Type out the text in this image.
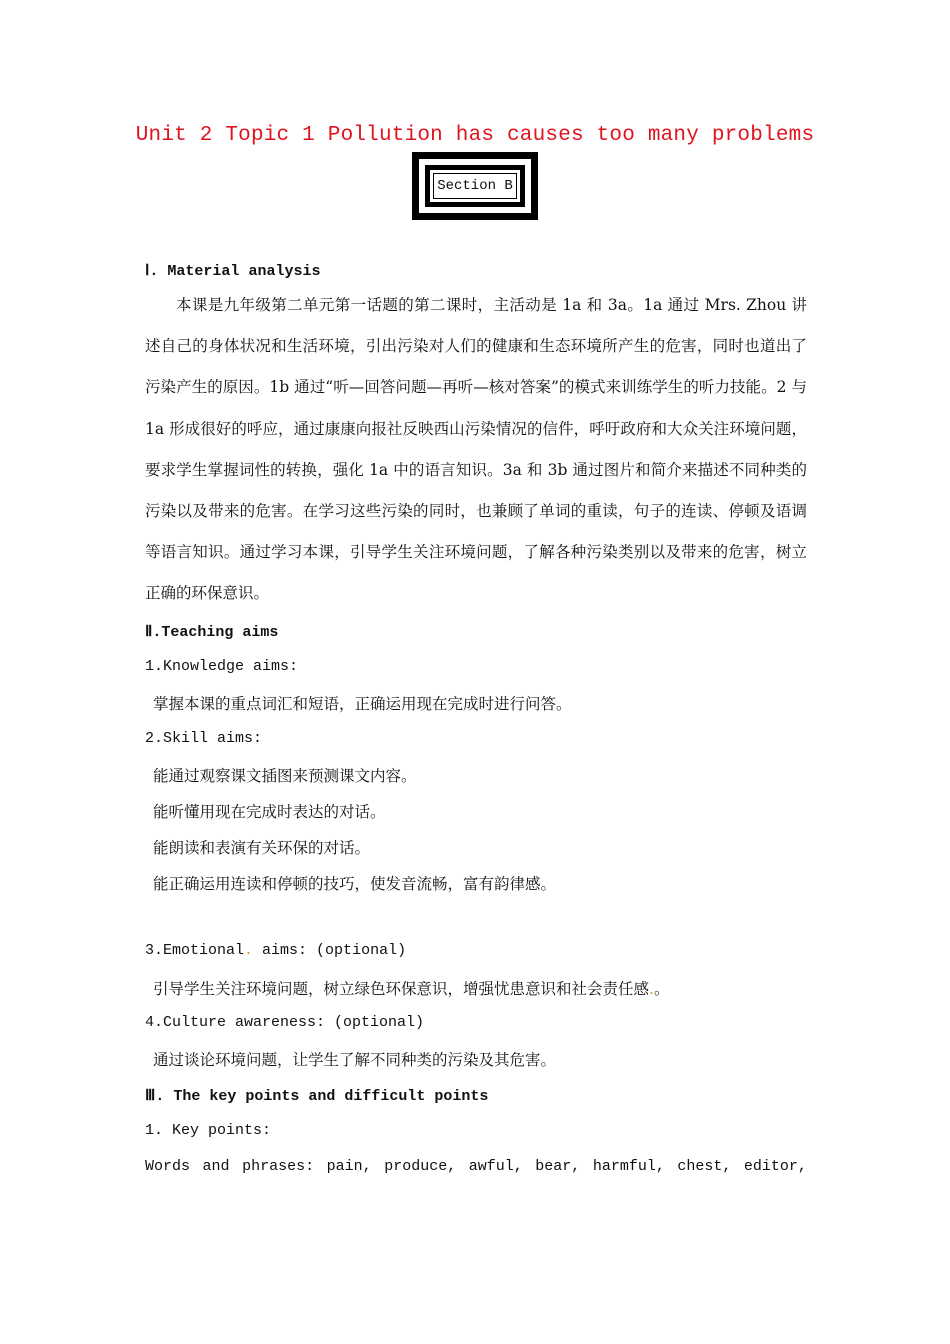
Unit 2 Topic 1 Pollution has causes too many problems
Section B
Ⅰ. Material analysis
本课是九年级第二单元第一话题的第二课时，主活动是 1a 和 3a。1a 通过 Mrs. Zhou 讲述自己的身体状况和生活环境，引出污染对人们的健康和生态环境所产生的危害，同时也道出了污染产生的原因。1b 通过“听—回答问题—再听—核对答案”的模式来训练学生的听力技能。2 与 1a 形成很好的呼应，通过康康向报社反映西山污染情况的信件，呼吁政府和大众关注环境问题，要求学生掌握词性的转换，强化 1a 中的语言知识。3a 和 3b 通过图片和简介来描述不同种类的污染以及带来的危害。在学习这些污染的同时，也兼顾了单词的重读，句子的连读、停顿及语调等语言知识。通过学习本课，引导学生关注环境问题，了解各种污染类别以及带来的危害，树立正确的环保意识。
Ⅱ.Teaching aims
1.Knowledge aims:
掌握本课的重点词汇和短语，正确运用现在完成时进行问答。
2.Skill aims:
能通过观察课文插图来预测课文内容。
能听懂用现在完成时表达的对话。
能朗读和表演有关环保的对话。
能正确运用连读和停顿的技巧，使发音流畅，富有韵律感。
3.Emotional. aims: (optional)
引导学生关注环境问题，树立绿色环保意识，增强忧患意识和社会责任感.。
4.Culture awareness: (optional)
通过谈论环境问题，让学生了解不同种类的污染及其危害。
Ⅲ. The key points and difficult points
1. Key points:
Words and phrases: pain, produce, awful, bear, harmful, chest, editor,
